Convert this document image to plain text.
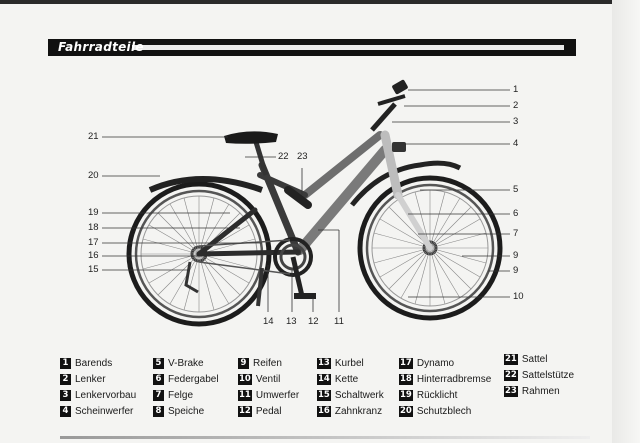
Fahrradteile
1
2
3
4
5
6
7
9
9
10
11
12
13
14
15
16
17
18
19
20
21
22 23
1 Barends
2 Lenker
3 Lenkervorbau
4 Scheinwerfer
5 V-Brake
6 Federgabel
7 Felge
8 Speiche
9 Reifen
10 Ventil
11 Umwerfer
12 Pedal
13 Kurbel
14 Kette
15 Schaltwerk
16 Zahnkranz
17 Dynamo
18 Hinterradbremse
19 Rücklicht
20 Schutzblech
21 Sattel
22 Sattelstütze
23 Rahmen
